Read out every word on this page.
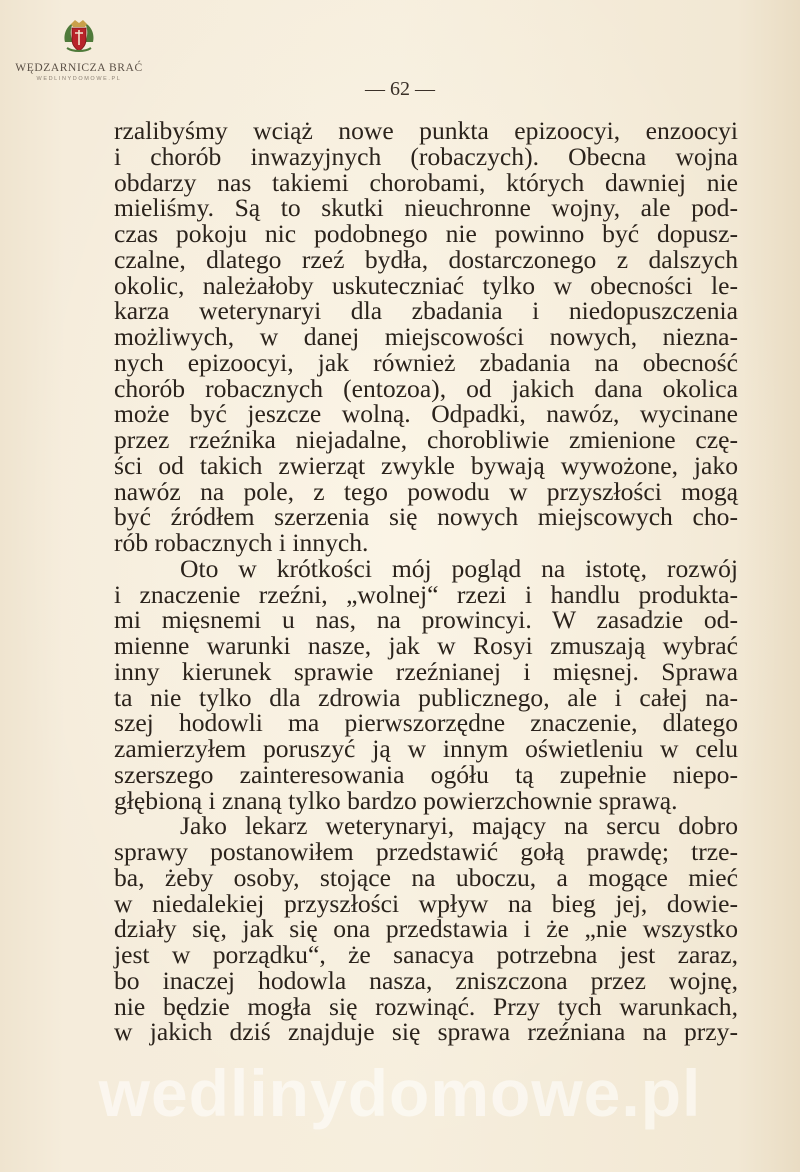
WĘDZARNICZA BRAĆ
WEDLINYDOMOWE.PL	— 62 —
rzalibyśmy wciąż nowe punkta epizoocyi, enzoocyi
i chorób inwazyjnych (robaczych). Obecna wojna
obdarzy nas takiemi chorobami, których dawniej nie
mieliśmy. Są to skutki nieuchronne wojny, ale pod-
czas pokoju nic podobnego nie powinno być dopusz-
czalne, dlatego rzeź bydła, dostarczonego z dalszych
okolic, należałoby uskuteczniać tylko w obecności le-
karza weterynaryi dla zbadania i niedopuszczenia
możliwych, w danej miejscowości nowych, niezna-
nych epizoocyi, jak również zbadania na obecność
chorób robacznych (entozoa), od jakich dana okolica
może być jeszcze wolną. Odpadki, nawóz, wycinane
przez rzeźnika niejadalne, chorobliwie zmienione czę-
ści od takich zwierząt zwykle bywają wywożone, jako
nawóz na pole, z tego powodu w przyszłości mogą
być źródłem szerzenia się nowych miejscowych cho-
rób robacznych i innych.
Oto w krótkości mój pogląd na istotę, rozwój
i znaczenie rzeźni, „wolnej“ rzezi i handlu produkta-
mi mięsnemi u nas, na prowincyi. W zasadzie od-
mienne warunki nasze, jak w Rosyi zmuszają wybrać
inny kierunek sprawie rzeźnianej i mięsnej. Sprawa
ta nie tylko dla zdrowia publicznego, ale i całej na-
szej hodowli ma pierwszorzędne znaczenie, dlatego
zamierzyłem poruszyć ją w innym oświetleniu w celu
szerszego zainteresowania ogółu tą zupełnie niepo-
głębioną i znaną tylko bardzo powierzchownie sprawą.
Jako lekarz weterynaryi, mający na sercu dobro
sprawy postanowiłem przedstawić gołą prawdę; trze-
ba, żeby osoby, stojące na uboczu, a mogące mieć
w niedalekiej przyszłości wpływ na bieg jej, dowie-
działy się, jak się ona przedstawia i że „nie wszystko
jest w porządku“, że sanacya potrzebna jest zaraz,
bo inaczej hodowla nasza, zniszczona przez wojnę,
nie będzie mogła się rozwinąć. Przy tych warunkach,
w jakich dziś znajduje się sprawa rzeźniana na przy-
wedlinydomowe.pl
